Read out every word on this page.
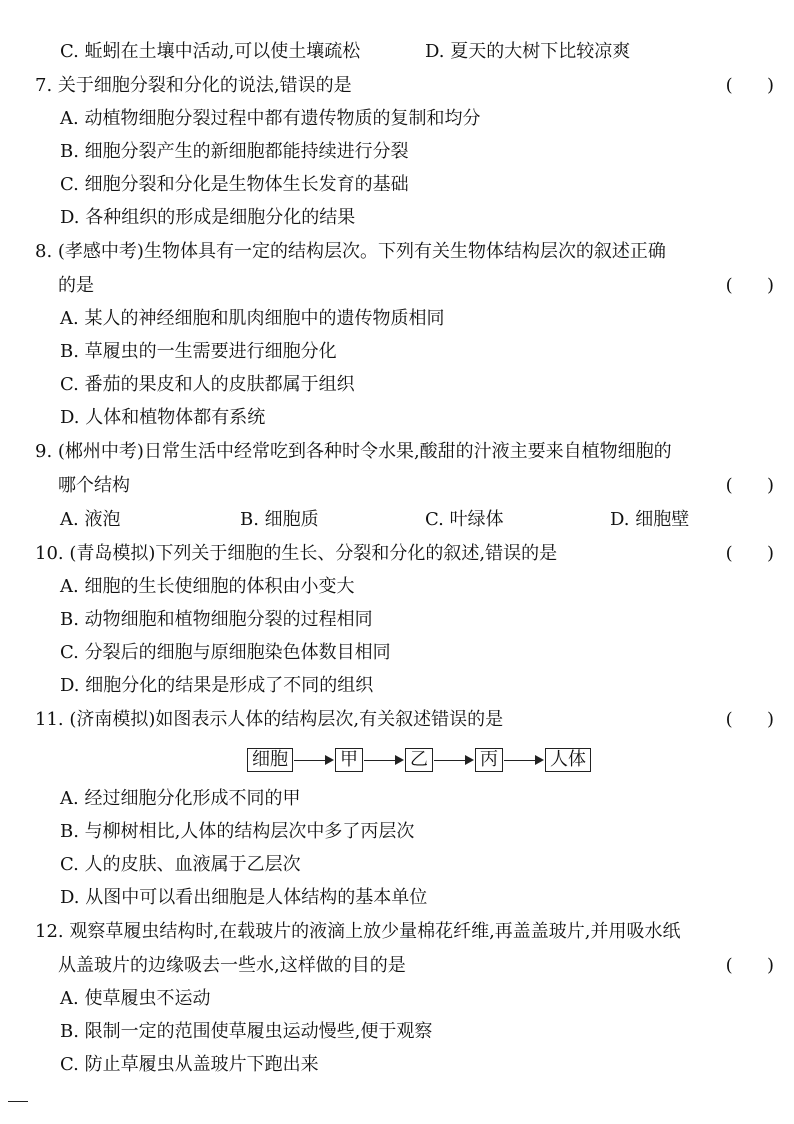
C. 蚯蚓在土壤中活动,可以使土壤疏松	D. 夏天的大树下比较凉爽
7. 关于细胞分裂和分化的说法,错误的是	(      )
A. 动植物细胞分裂过程中都有遗传物质的复制和均分
B. 细胞分裂产生的新细胞都能持续进行分裂
C. 细胞分裂和分化是生物体生长发育的基础
D. 各种组织的形成是细胞分化的结果
8. (孝感中考)生物体具有一定的结构层次。下列有关生物体结构层次的叙述正确
的是	(      )
A. 某人的神经细胞和肌肉细胞中的遗传物质相同
B. 草履虫的一生需要进行细胞分化
C. 番茄的果皮和人的皮肤都属于组织
D. 人体和植物体都有系统
9. (郴州中考)日常生活中经常吃到各种时令水果,酸甜的汁液主要来自植物细胞的
哪个结构	(      )
A. 液泡	B. 细胞质	C. 叶绿体	D. 细胞壁
10. (青岛模拟)下列关于细胞的生长、分裂和分化的叙述,错误的是	(      )
A. 细胞的生长使细胞的体积由小变大
B. 动物细胞和植物细胞分裂的过程相同
C. 分裂后的细胞与原细胞染色体数目相同
D. 细胞分化的结果是形成了不同的组织
11. (济南模拟)如图表示人体的结构层次,有关叙述错误的是	(      )
细胞	甲	乙	丙	人体
A. 经过细胞分化形成不同的甲
B. 与柳树相比,人体的结构层次中多了丙层次
C. 人的皮肤、血液属于乙层次
D. 从图中可以看出细胞是人体结构的基本单位
12. 观察草履虫结构时,在载玻片的液滴上放少量棉花纤维,再盖盖玻片,并用吸水纸
从盖玻片的边缘吸去一些水,这样做的目的是	(      )
A. 使草履虫不运动
B. 限制一定的范围使草履虫运动慢些,便于观察
C. 防止草履虫从盖玻片下跑出来
